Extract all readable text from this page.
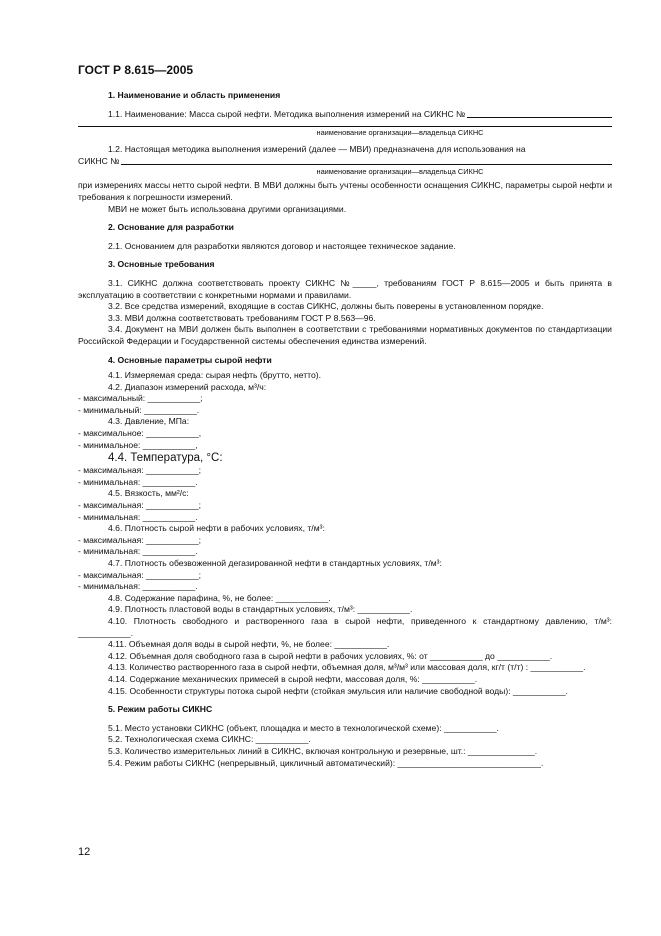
ГОСТ Р 8.615—2005
1. Наименование и область применения
1.1. Наименование: Масса сырой нефти. Методика выполнения измерений на СИКНС №
наименование организации—владельца СИКНС
1.2. Настоящая методика выполнения измерений (далее — МВИ) предназначена для использования на
СИКНС №
наименование организации—владельца СИКНС
при измерениях массы нетто сырой нефти. В МВИ должны быть учтены особенности оснащения СИКНС, параметры сырой нефти и требования к погрешности измерений.
МВИ не может быть использована другими организациями.
2. Основание для разработки
2.1. Основанием для разработки являются договор и настоящее техническое задание.
3. Основные требования
3.1. СИКНС должна соответствовать проекту СИКНС №_____, требованиям ГОСТ Р 8.615—2005 и быть принята в эксплуатацию в соответствии с конкретными нормами и правилами.
3.2. Все средства измерений, входящие в состав СИКНС, должны быть поверены в установленном порядке.
3.3. МВИ должна соответствовать требованиям ГОСТ Р 8.563—96.
3.4. Документ на МВИ должен быть выполнен в соответствии с требованиями нормативных документов по стандартизации Российской Федерации и Государственной системы обеспечения единства измерений.
4. Основные параметры сырой нефти
4.1. Измеряемая среда: сырая нефть (брутто, нетто).
4.2. Диапазон измерений расхода, м³/ч:
- максимальный: ___________;
- минимальный: ___________.
4.3. Давление, МПа:
- максимальное: ___________,
- минимальное: ___________,
4.4. Температура, °С:
- максимальная: ___________;
- минимальная: ___________.
4.5. Вязкость, мм²/с:
- максимальная: ___________;
- минимальная: ___________.
4.6. Плотность сырой нефти в рабочих условиях, т/м³:
- максимальная: ___________;
- минимальная: ___________.
4.7. Плотность обезвоженной дегазированной нефти в стандартных условиях, т/м³:
- максимальная: ___________;
- минимальная: ___________.
4.8. Содержание парафина, %, не более: ___________.
4.9. Плотность пластовой воды в стандартных условиях, т/м³: ___________.
4.10. Плотность свободного и растворенного газа в сырой нефти, приведенного к стандартному давлению, т/м³: ___________.
4.11. Объемная доля воды в сырой нефти, %, не более: ___________.
4.12. Объемная доля свободного газа в сырой нефти в рабочих условиях, %: от ___________ до ___________.
4.13. Количество растворенного газа в сырой нефти, объемная доля, м³/м³ или массовая доля, кг/т (т/т) : ___________.
4.14. Содержание механических примесей в сырой нефти, массовая доля, %: ___________.
4.15. Особенности структуры потока сырой нефти (стойкая эмульсия или наличие свободной воды): ___________.
5. Режим работы СИКНС
5.1. Место установки СИКНС (объект, площадка и место в технологической схеме): ___________.
5.2. Технологическая схема СИКНС: ___________.
5.3. Количество измерительных линий в СИКНС, включая контрольную и резервные, шт.: ______________.
5.4. Режим работы СИКНС (непрерывный, цикличный автоматический): ______________________________.
12
